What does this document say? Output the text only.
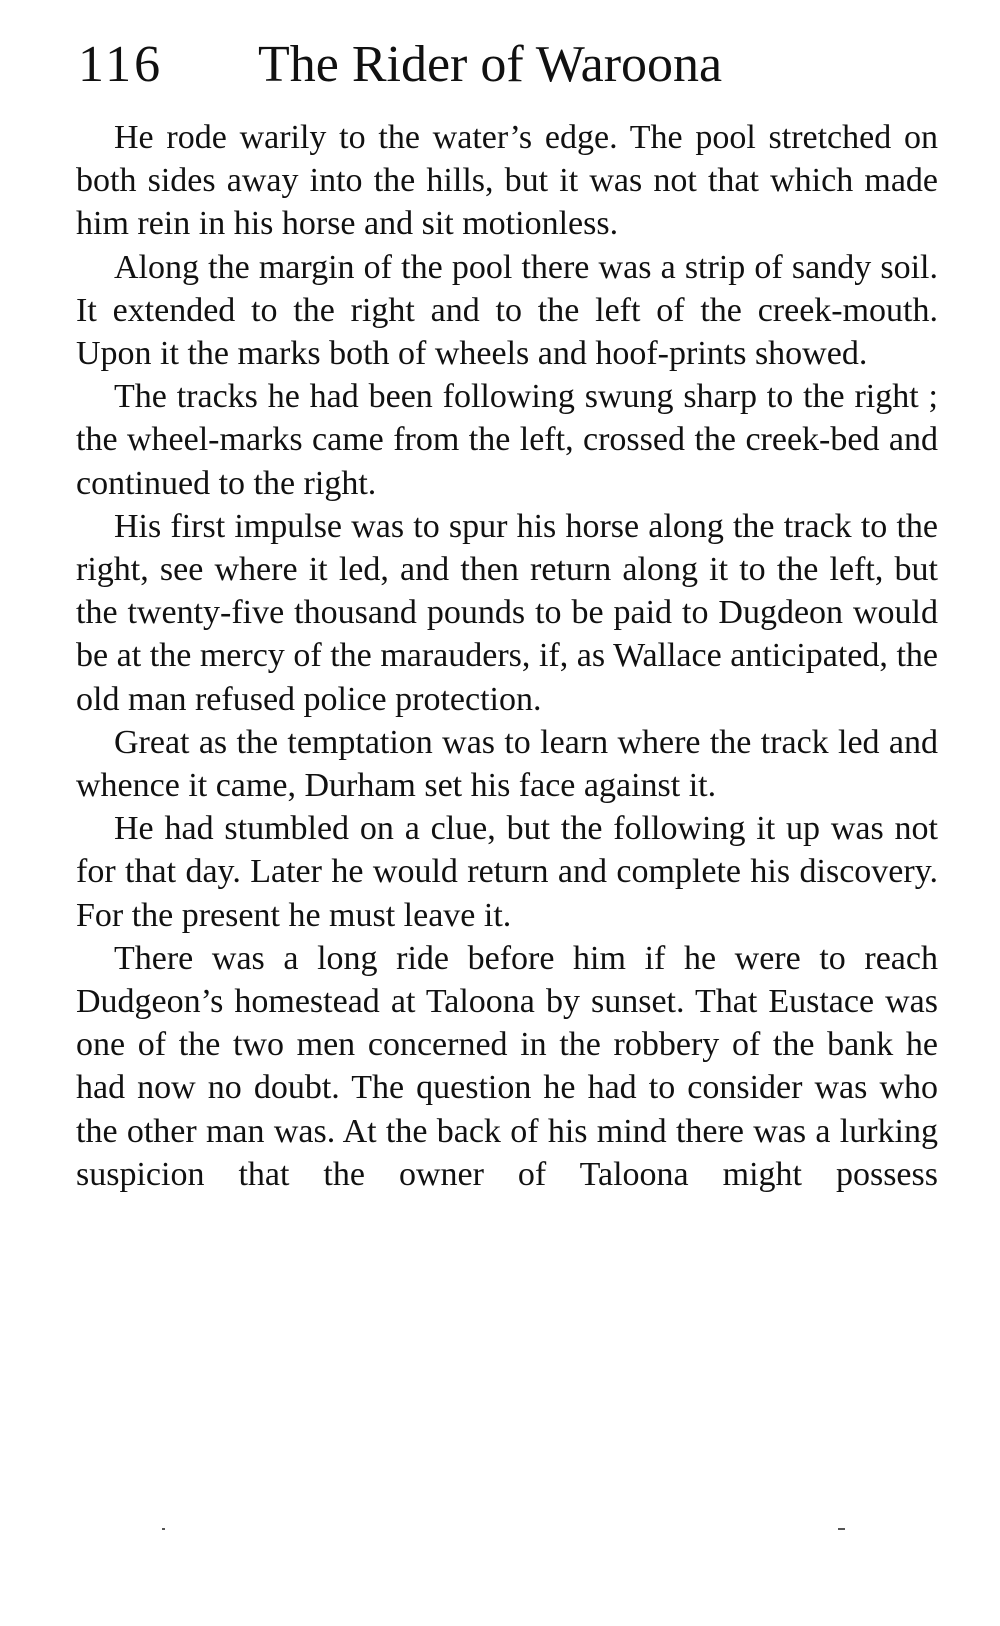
116 The Rider of Waroona

He rode warily to the water’s edge. The pool stretched on both sides away into the hills, but it was not that which made him rein in his horse and sit motionless.

Along the margin of the pool there was a strip of sandy soil. It extended to the right and to the left of the creek-mouth. Upon it the marks both of wheels and hoof-prints showed.

The tracks he had been following swung sharp to the right ; the wheel-marks came from the left, crossed the creek-bed and continued to the right.

His first impulse was to spur his horse along the track to the right, see where it led, and then return along it to the left, but the twenty-five thousand pounds to be paid to Dugdeon would be at the mercy of the marauders, if, as Wallace anticipated, the old man refused police protection.

Great as the temptation was to learn where the track led and whence it came, Durham set his face against it.

He had stumbled on a clue, but the following it up was not for that day. Later he would return and complete his discovery. For the present he must leave it.

There was a long ride before him if he were to reach Dudgeon’s homestead at Taloona by sunset. That Eustace was one of the two men concerned in the robbery of the bank he had now no doubt. The question he had to consider was who the other man was. At the back of his mind there was a lurking suspicion that the owner of Taloona might possess
